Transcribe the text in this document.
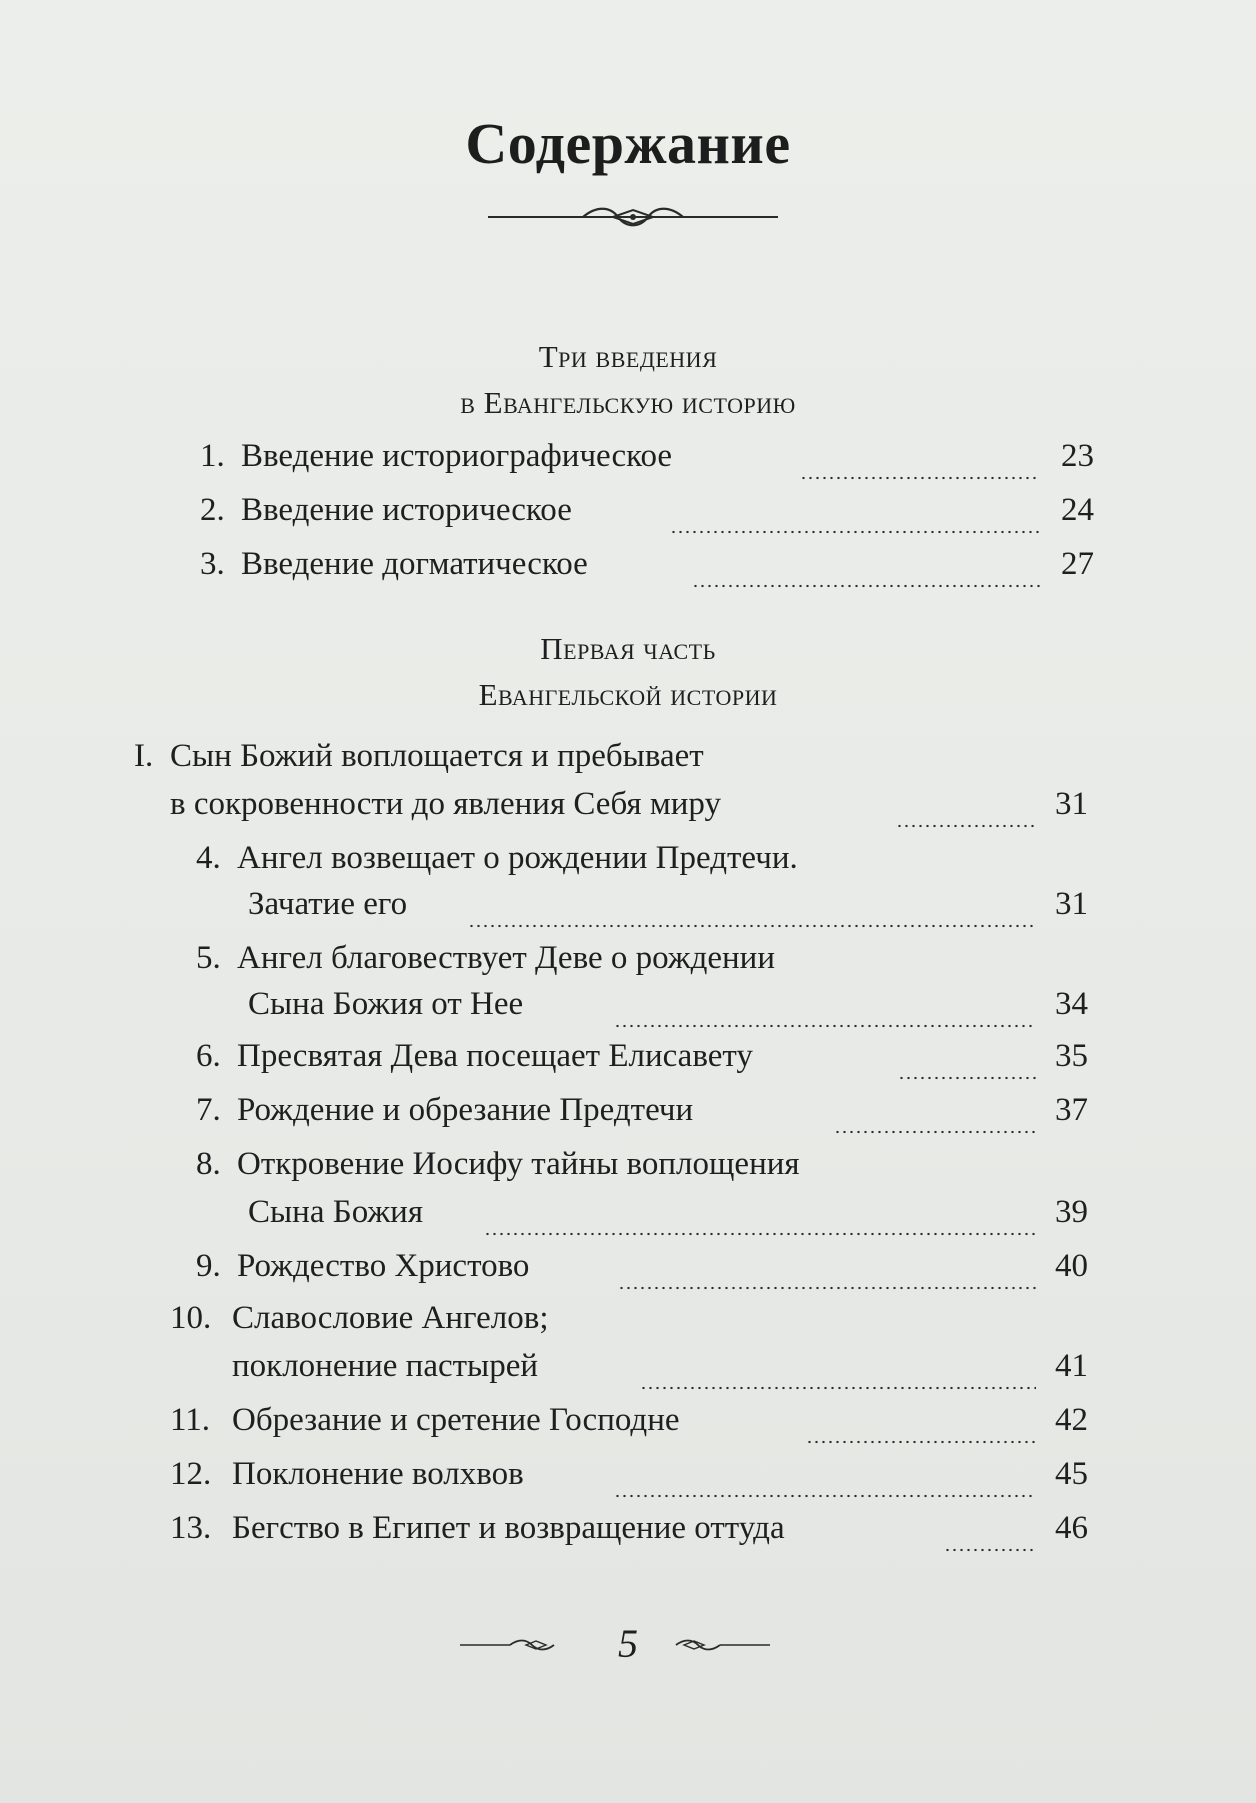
Содержание
Три введения
в Евангельскую историю
1. Введение историографическое	23
2. Введение историческое	24
3. Введение догматическое	27
Первая часть
Евангельской истории
I. Сын Божий воплощается и пребывает
в сокровенности до явления Себя миру	31
4. Ангел возвещает о рождении Предтечи.
Зачатие его	31
5. Ангел благовествует Деве о рождении
Сына Божия от Нее	34
6. Пресвятая Дева посещает Елисавету	35
7. Рождение и обрезание Предтечи	37
8. Откровение Иосифу тайны воплощения
Сына Божия	39
9. Рождество Христово	40
10. Славословие Ангелов;
поклонение пастырей	41
11. Обрезание и сретение Господне	42
12. Поклонение волхвов	45
13. Бегство в Египет и возвращение оттуда	46
5
